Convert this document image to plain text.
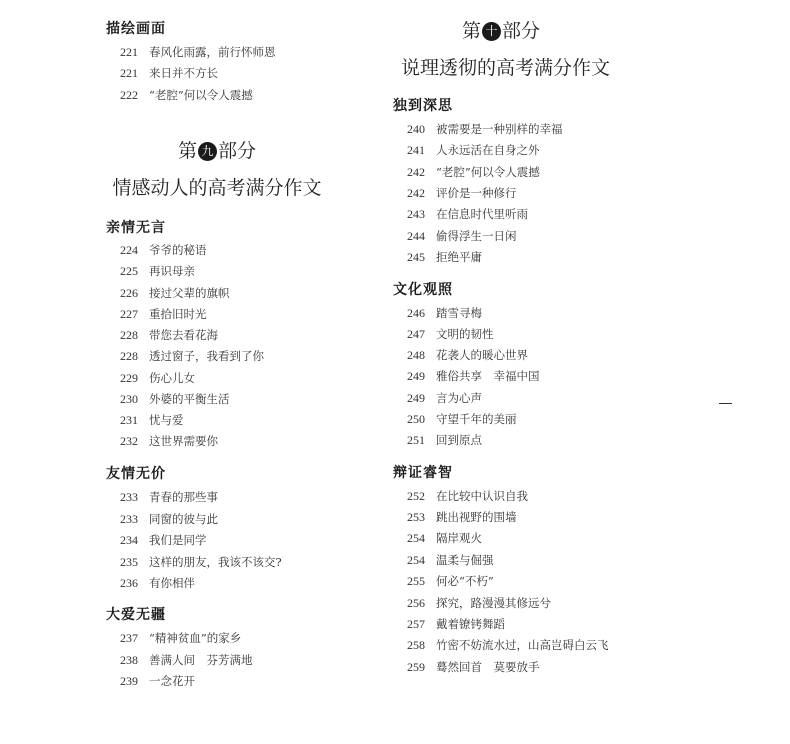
描绘画面
221 春风化雨露，前行怀师恩
221 来日并不方长
222 “老腔”何以令人震撼
第 九 部分
情感动人的高考满分作文
亲情无言
224 爷爷的秘语
225 再识母亲
226 接过父辈的旗帜
227 重拾旧时光
228 带您去看花海
228 透过窗子，我看到了你
229 伤心儿女
230 外婆的平衡生活
231 忧与爱
232 这世界需要你
友情无价
233 青春的那些事
233 同窗的彼与此
234 我们是同学
235 这样的朋友，我该不该交?
236 有你相伴
大爱无疆
237 “精神贫血”的家乡
238 善满人间　芬芳满地
239 一念花开
第 十 部分
说理透彻的高考满分作文
独到深思
240 被需要是一种别样的幸福
241 人永远活在自身之外
242 “老腔”何以令人震撼
242 评价是一种修行
243 在信息时代里听雨
244 偷得浮生一日闲
245 拒绝平庸
文化观照
246 踏雪寻梅
247 文明的韧性
248 花袭人的暖心世界
249 雅俗共享　幸福中国
249 言为心声
250 守望千年的美丽
251 回到原点
辩证睿智
252 在比较中认识自我
253 跳出视野的围墙
254 隔岸观火
254 温柔与倔强
255 何必“不朽”
256 探究，路漫漫其修远兮
257 戴着镣铐舞蹈
258 竹密不妨流水过，山高岂碍白云飞
259 蓦然回首　莫要放手
